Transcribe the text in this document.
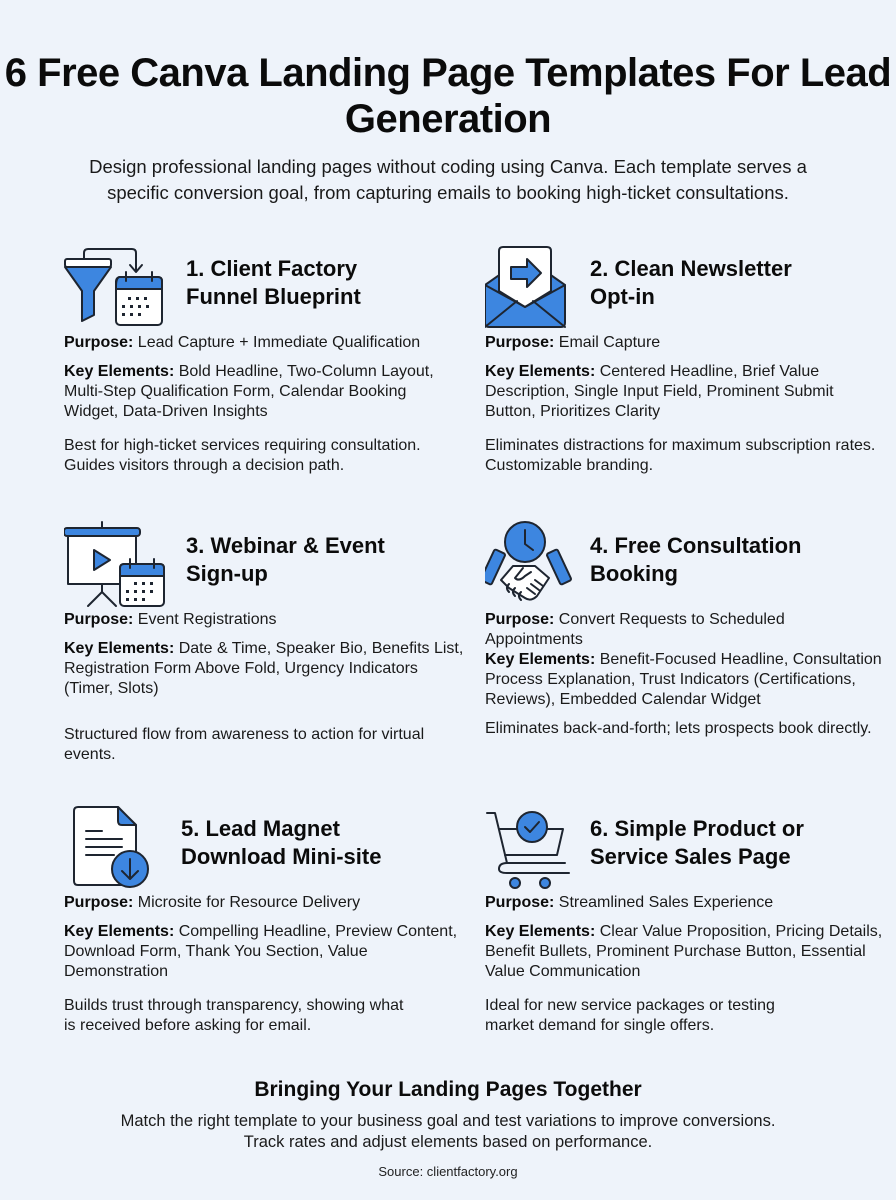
6 Free Canva Landing Page Templates For Lead Generation

Design professional landing pages without coding using Canva. Each template serves a specific conversion goal, from capturing emails to booking high-ticket consultations.

1. Client Factory Funnel Blueprint

Purpose: Lead Capture + Immediate Qualification

Key Elements: Bold Headline, Two-Column Layout, Multi-Step Qualification Form, Calendar Booking Widget, Data-Driven Insights

Best for high-ticket services requiring consultation. Guides visitors through a decision path.

2. Clean Newsletter Opt-in

Purpose: Email Capture

Key Elements: Centered Headline, Brief Value Description, Single Input Field, Prominent Submit Button, Prioritizes Clarity

Eliminates distractions for maximum subscription rates. Customizable branding.

3. Webinar & Event Sign-up

Purpose: Event Registrations

Key Elements: Date & Time, Speaker Bio, Benefits List, Registration Form Above Fold, Urgency Indicators (Timer, Slots)

Structured flow from awareness to action for virtual events.

4. Free Consultation Booking

Purpose: Convert Requests to Scheduled Appointments

Key Elements: Benefit-Focused Headline, Consultation Process Explanation, Trust Indicators (Certifications, Reviews), Embedded Calendar Widget

Eliminates back-and-forth; lets prospects book directly.

5. Lead Magnet Download Mini-site

Purpose: Microsite for Resource Delivery

Key Elements: Compelling Headline, Preview Content, Download Form, Thank You Section, Value Demonstration

Builds trust through transparency, showing what is received before asking for email.

6. Simple Product or Service Sales Page

Purpose: Streamlined Sales Experience

Key Elements: Clear Value Proposition, Pricing Details, Benefit Bullets, Prominent Purchase Button, Essential Value Communication

Ideal for new service packages or testing market demand for single offers.

Bringing Your Landing Pages Together

Match the right template to your business goal and test variations to improve conversions. Track rates and adjust elements based on performance.

Source: clientfactory.org
